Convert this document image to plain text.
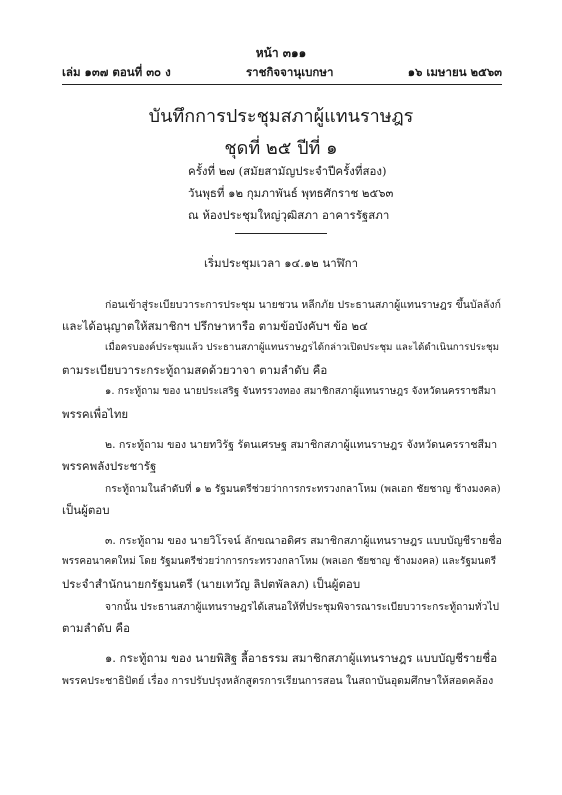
หน้า ๓๑๑
เล่ม ๑๓๗ ตอนที่ ๓๐ ง	ราชกิจจานุเบกษา	๑๖ เมษายน ๒๕๖๓
บันทึกการประชุมสภาผู้แทนราษฎร
ชุดที่ ๒๕ ปีที่ ๑
ครั้งที่ ๒๗ (สมัยสามัญประจำปีครั้งที่สอง)
วันพุธที่ ๑๒ กุมภาพันธ์ พุทธศักราช ๒๕๖๓
ณ ห้องประชุมใหญ่วุฒิสภา อาคารรัฐสภา
เริ่มประชุมเวลา ๑๔.๑๒ นาฬิกา
ก่อนเข้าสู่ระเบียบวาระการประชุม นายชวน หลีกภัย ประธานสภาผู้แทนราษฎร ขึ้นบัลลังก์
และได้อนุญาตให้สมาชิกฯ ปรึกษาหารือ ตามข้อบังคับฯ ข้อ ๒๔
เมื่อครบองค์ประชุมแล้ว ประธานสภาผู้แทนราษฎรได้กล่าวเปิดประชุม และได้ดำเนินการประชุม
ตามระเบียบวาระกระทู้ถามสดด้วยวาจา ตามลำดับ คือ
๑. กระทู้ถาม ของ นายประเสริฐ จันทรรวงทอง สมาชิกสภาผู้แทนราษฎร จังหวัดนครราชสีมา
พรรคเพื่อไทย
๒. กระทู้ถาม ของ นายทวิรัฐ รัตนเศรษฐ สมาชิกสภาผู้แทนราษฎร จังหวัดนครราชสีมา
พรรคพลังประชารัฐ
กระทู้ถามในลำดับที่ ๑ ๒ รัฐมนตรีช่วยว่าการกระทรวงกลาโหม (พลเอก ชัยชาญ ช้างมงคล)
เป็นผู้ตอบ
๓. กระทู้ถาม ของ นายวิโรจน์ ลักขณาอดิศร สมาชิกสภาผู้แทนราษฎร แบบบัญชีรายชื่อ
พรรคอนาคตใหม่ โดย รัฐมนตรีช่วยว่าการกระทรวงกลาโหม (พลเอก ชัยชาญ ช้างมงคล) และรัฐมนตรี
ประจำสำนักนายกรัฐมนตรี (นายเทวัญ ลิปตพัลลภ) เป็นผู้ตอบ
จากนั้น ประธานสภาผู้แทนราษฎรได้เสนอให้ที่ประชุมพิจารณาระเบียบวาระกระทู้ถามทั่วไป
ตามลำดับ คือ
๑. กระทู้ถาม ของ นายพิสิฐ ลี้อาธรรม สมาชิกสภาผู้แทนราษฎร แบบบัญชีรายชื่อ
พรรคประชาธิปัตย์ เรื่อง การปรับปรุงหลักสูตรการเรียนการสอน ในสถาบันอุดมศึกษาให้สอดคล้อง
